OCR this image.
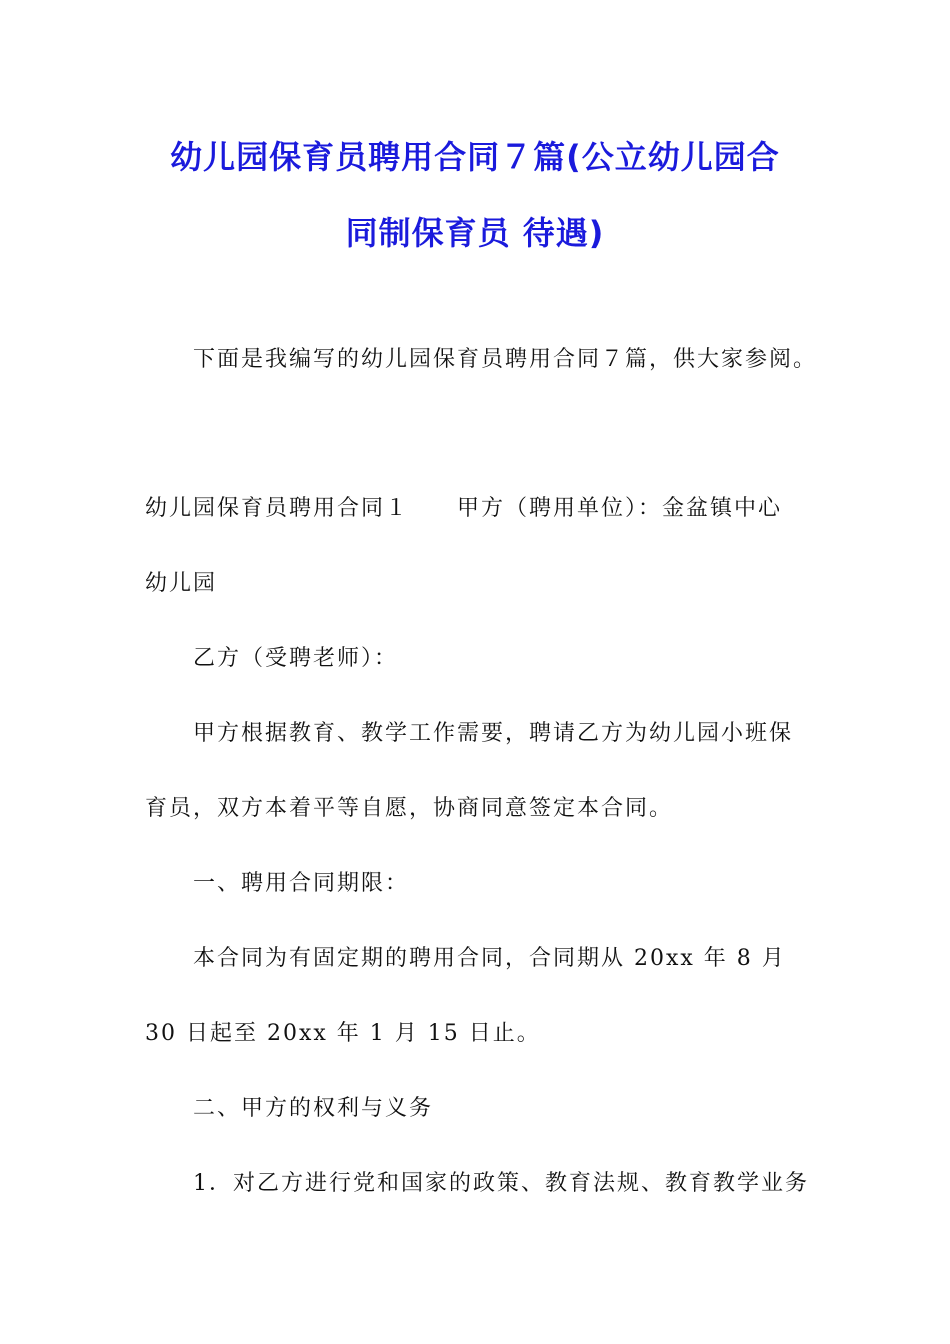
幼儿园保育员聘用合同７篇(公立幼儿园合
同制保育员 待遇)
下面是我编写的幼儿园保育员聘用合同７篇，供大家参阅。
幼儿园保育员聘用合同１ 甲方（聘用单位）：金盆镇中心
幼儿园
乙方（受聘老师）：
甲方根据教育、教学工作需要，聘请乙方为幼儿园小班保
育员，双方本着平等自愿，协商同意签定本合同。
一、聘用合同期限：
本合同为有固定期的聘用合同，合同期从 20xx 年 8 月
30 日起至 20xx 年 1 月 15 日止。
二、甲方的权利与义务
1．对乙方进行党和国家的政策、教育法规、教育教学业务
